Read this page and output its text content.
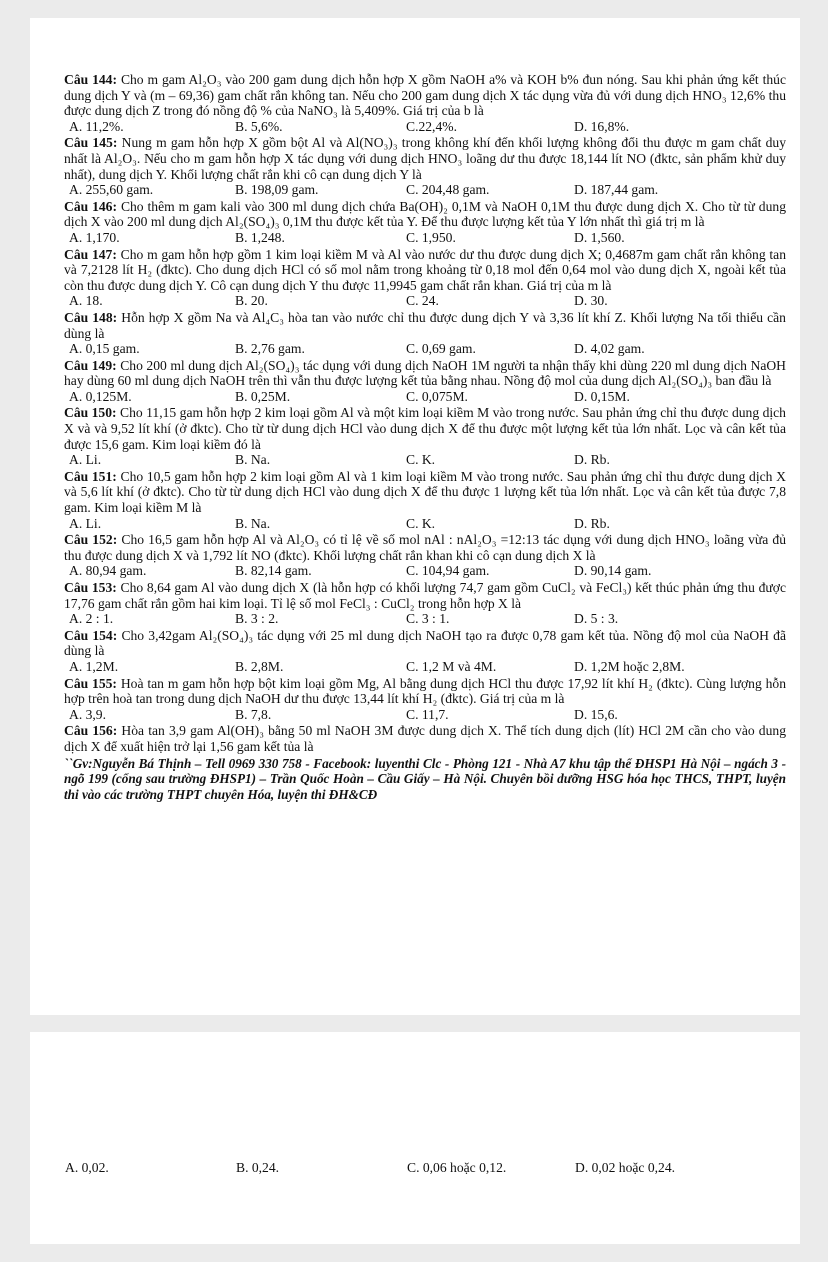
Câu 144: Cho m gam Al₂O₃ vào 200 gam dung dịch hỗn hợp X gồm NaOH a% và KOH b% đun nóng. Sau khi phản ứng kết thúc dung dịch Y và (m – 69,36) gam chất rắn không tan. Nếu cho 200 gam dung dịch X tác dụng vừa đủ với dung dịch HNO₃ 12,6% thu được dung dịch Z trong đó nồng độ % của NaNO₃ là 5,409%. Giá trị của b là

A. 11,2%.	B. 5,6%.	C.22,4%.	D. 16,8%.

Câu 145: Nung m gam hỗn hợp X gồm bột Al và Al(NO₃)₃ trong không khí đến khối lượng không đổi thu được m gam chất duy nhất là Al₂O₃. Nếu cho m gam hỗn hợp X tác dụng với dung dịch HNO₃ loãng dư thu được 18,144 lít NO (đktc, sản phẩm khử duy nhất), dung dịch Y. Khối lượng chất rắn khi cô cạn dung dịch Y là

A. 255,60 gam.	B. 198,09 gam.	C. 204,48 gam.	D. 187,44 gam.

Câu 146: Cho thêm m gam kali vào 300 ml dung dịch chứa Ba(OH)₂ 0,1M và NaOH 0,1M thu được dung dịch X. Cho từ từ dung dịch X vào 200 ml dung dịch Al₂(SO₄)₃ 0,1M thu được kết tủa Y. Để thu được lượng kết tủa Y lớn nhất thì giá trị m là

A. 1,170.	B. 1,248.	C. 1,950.	D. 1,560.

Câu 147: Cho m gam hỗn hợp gồm 1 kim loại kiềm M và Al vào nước dư thu được dung dịch X; 0,4687m gam chất rắn không tan và 7,2128 lít H₂ (đktc). Cho dung dịch HCl có số mol nằm trong khoảng từ 0,18 mol đến 0,64 mol vào dung dịch X, ngoài kết tủa còn thu được dung dịch Y. Cô cạn dung dịch Y thu được 11,9945 gam chất rắn khan. Giá trị của m là

A. 18.	B. 20.	C. 24.	D. 30.

Câu 148: Hỗn hợp X gồm Na và Al₄C₃ hòa tan vào nước chỉ thu được dung dịch Y và 3,36 lít khí Z. Khối lượng Na tối thiểu cần dùng là

A. 0,15 gam.	B. 2,76 gam.	C. 0,69 gam.	D. 4,02 gam.

Câu 149: Cho 200 ml dung dịch Al₂(SO₄)₃ tác dụng với dung dịch NaOH 1M người ta nhận thấy khi dùng 220 ml dung dịch NaOH hay dùng 60 ml dung dịch NaOH trên thì vẫn thu được lượng kết tủa bằng nhau. Nồng độ mol của dung dịch Al₂(SO₄)₃ ban đầu là

A. 0,125M.	B. 0,25M.	C. 0,075M.	D. 0,15M.

Câu 150: Cho 11,15 gam hỗn hợp 2 kim loại gồm Al và một kim loại kiềm M vào trong nước. Sau phản ứng chỉ thu được dung dịch X và và 9,52 lít khí (ở đktc). Cho từ từ dung dịch HCl vào dung dịch X để thu được một lượng kết tủa lớn nhất. Lọc và cân kết tủa được 15,6 gam. Kim loại kiềm đó là

A. Li.	B. Na.	C. K.	D. Rb.

Câu 151: Cho 10,5 gam hỗn hợp 2 kim loại gồm Al và 1 kim loại kiềm M vào trong nước. Sau phản ứng chỉ thu được dung dịch X và 5,6 lít khí (ở đktc). Cho từ từ dung dịch HCl vào dung dịch X để thu được 1 lượng kết tủa lớn nhất. Lọc và cân kết tủa được 7,8 gam. Kim loại kiềm M là

A. Li.	B. Na.	C. K.	D. Rb.

Câu 152: Cho 16,5 gam hỗn hợp Al và Al₂O₃ có tỉ lệ về số mol nAl : nAl₂O₃ =12:13 tác dụng với dung dịch HNO₃ loãng vừa đủ thu được dung dịch X và 1,792 lít NO (đktc). Khối lượng chất rắn khan khi cô cạn dung dịch X là

A. 80,94 gam.	B. 82,14 gam.	C. 104,94 gam.	D. 90,14 gam.

Câu 153: Cho 8,64 gam Al vào dung dịch X (là hỗn hợp có khối lượng 74,7 gam gồm CuCl₂ và FeCl₃) kết thúc phản ứng thu được 17,76 gam chất rắn gồm hai kim loại. Tỉ lệ số mol FeCl₃ : CuCl₂ trong hỗn hợp X là

A. 2 : 1.	B. 3 : 2.	C. 3 : 1.	D. 5 : 3.

Câu 154: Cho 3,42gam Al₂(SO₄)₃ tác dụng với 25 ml dung dịch NaOH tạo ra được 0,78 gam kết tủa. Nồng độ mol của NaOH đã dùng là

A. 1,2M.	B. 2,8M.	C. 1,2 M và 4M.	D. 1,2M hoặc 2,8M.

Câu 155: Hoà tan m gam hỗn hợp bột kim loại gồm Mg, Al bằng dung dịch HCl thu được 17,92 lít khí H₂ (đktc). Cùng lượng hỗn hợp trên hoà tan trong dung dịch NaOH dư thu được 13,44 lít khí H₂ (đktc). Giá trị của m là

A. 3,9.	B. 7,8.	C. 11,7.	D. 15,6.

Câu 156: Hòa tan 3,9 gam Al(OH)₃ bằng 50 ml NaOH 3M được dung dịch X. Thể tích dung dịch (lít) HCl 2M cần cho vào dung dịch X để xuất hiện trở lại 1,56 gam kết tủa là

``Gv:Nguyễn Bá Thịnh – Tell 0969 330 758 - Facebook: luyenthi Clc - Phòng 121 - Nhà A7 khu tập thể ĐHSP1 Hà Nội – ngách 3 - ngõ 199 (cổng sau trường ĐHSP1) – Trần Quốc Hoàn – Cầu Giấy – Hà Nội. Chuyên bồi dưỡng HSG hóa học THCS, THPT, luyện thi vào các trường THPT chuyên Hóa, luyện thi ĐH&CĐ
A. 0,02.	B. 0,24.	C. 0,06 hoặc 0,12.	D. 0,02 hoặc 0,24.
